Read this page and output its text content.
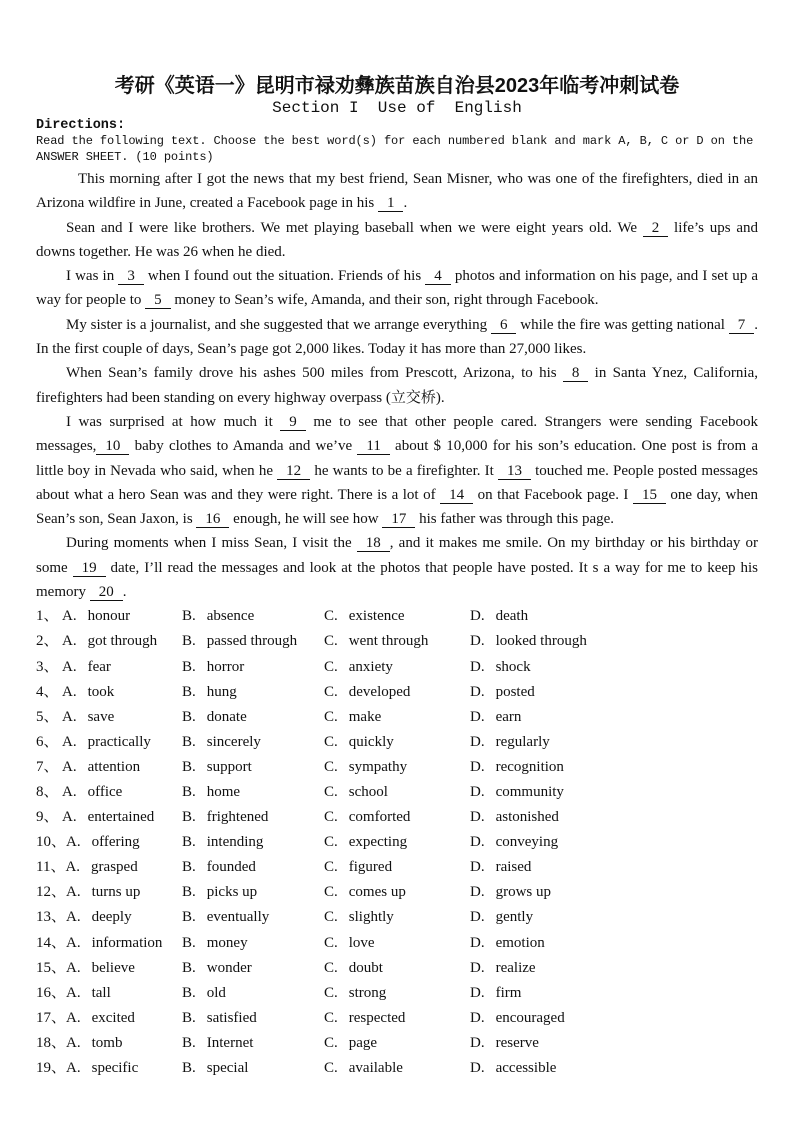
考研《英语一》昆明市禄劝彝族苗族自治县2023年临考冲刺试卷
Section I  Use of  English
Directions:
Read the following text. Choose the best word(s) for each numbered blank and mark A, B, C or D on the
ANSWER SHEET. (10 points)

This morning after I got the news that my best friend, Sean Misner, who was one of the firefighters, died in an Arizona wildfire in June, created a Facebook page in his 1 .

Sean and I were like brothers. We met playing baseball when we were eight years old. We 2 life’s ups and downs together. He was 26 when he died.

I was in 3 when I found out the situation. Friends of his 4 photos and information on his page, and I set up a way for people to 5 money to Sean’s wife, Amanda, and their son, right through Facebook.

My sister is a journalist, and she suggested that we arrange everything 6 while the fire was getting national 7 . In the first couple of days, Sean’s page got 2,000 likes. Today it has more than 27,000 likes.

When Sean’s family drove his ashes 500 miles from Prescott, Arizona, to his 8 in Santa Ynez, California, firefighters had been standing on every highway overpass (立交桥).

I was surprised at how much it 9 me to see that other people cared. Strangers were sending Facebook messages, 10 baby clothes to Amanda and we’ve 11 about $ 10,000 for his son’s education. One post is from a little boy in Nevada who said, when he 12 he wants to be a firefighter. It 13 touched me. People posted messages about what a hero Sean was and they were right. There is a lot of 14 on that Facebook page. I 15 one day, when Sean’s son, Sean Jaxon, is 16 enough, he will see how 17 his father was through this page.

During moments when I miss Sean, I visit the 18 , and it makes me smile. On my birthday or his birthday or some 19 date, I’ll read the messages and look at the photos that people have posted. It s a way for me to keep his memory 20 .

1、 A. honour	B. absence	C. existence	D. death
2、 A. got through	B. passed through	C. went through	D. looked through
3、 A. fear	B. horror	C. anxiety	D. shock
4、 A. took	B. hung	C. developed	D. posted
5、 A. save	B. donate	C. make	D. earn
6、 A. practically	B. sincerely	C. quickly	D. regularly
7、 A. attention	B. support	C. sympathy	D. recognition
8、 A. office	B. home	C. school	D. community
9、 A. entertained	B. frightened	C. comforted	D. astonished
10、A. offering	B. intending	C. expecting	D. conveying
11、A. grasped	B. founded	C. figured	D. raised
12、A. turns up	B. picks up	C. comes up	D. grows up
13、A. deeply	B. eventually	C. slightly	D. gently
14、A. information	B. money	C. love	D. emotion
15、A. believe	B. wonder	C. doubt	D. realize
16、A. tall	B. old	C. strong	D. firm
17、A. excited	B. satisfied	C. respected	D. encouraged
18、A. tomb	B. Internet	C. page	D. reserve
19、A. specific	B. special	C. available	D. accessible
